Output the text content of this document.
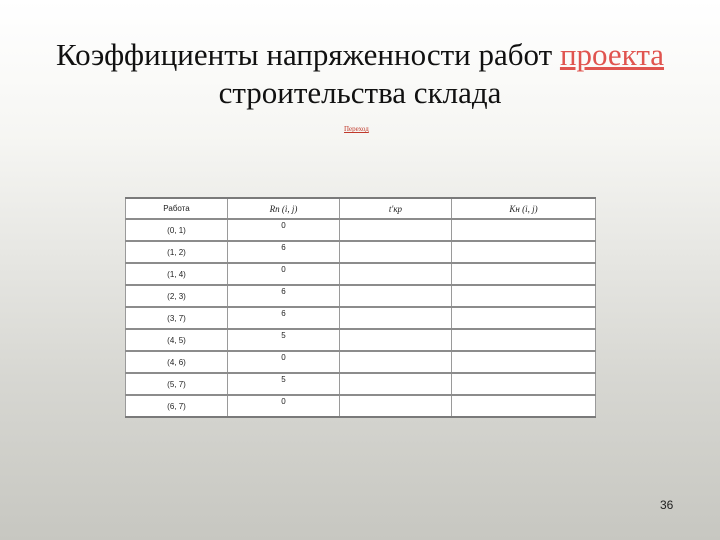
Коэффициенты напряженности работ проекта
строительства склада
Переход
Работа	Rп (i, j)	t'кр	Kн (i, j)
(0, 1)	0		
(1, 2)	6		
(1, 4)	0		
(2, 3)	6		
(3, 7)	6		
(4, 5)	5		
(4, 6)	0		
(5, 7)	5		
(6, 7)	0		
36
